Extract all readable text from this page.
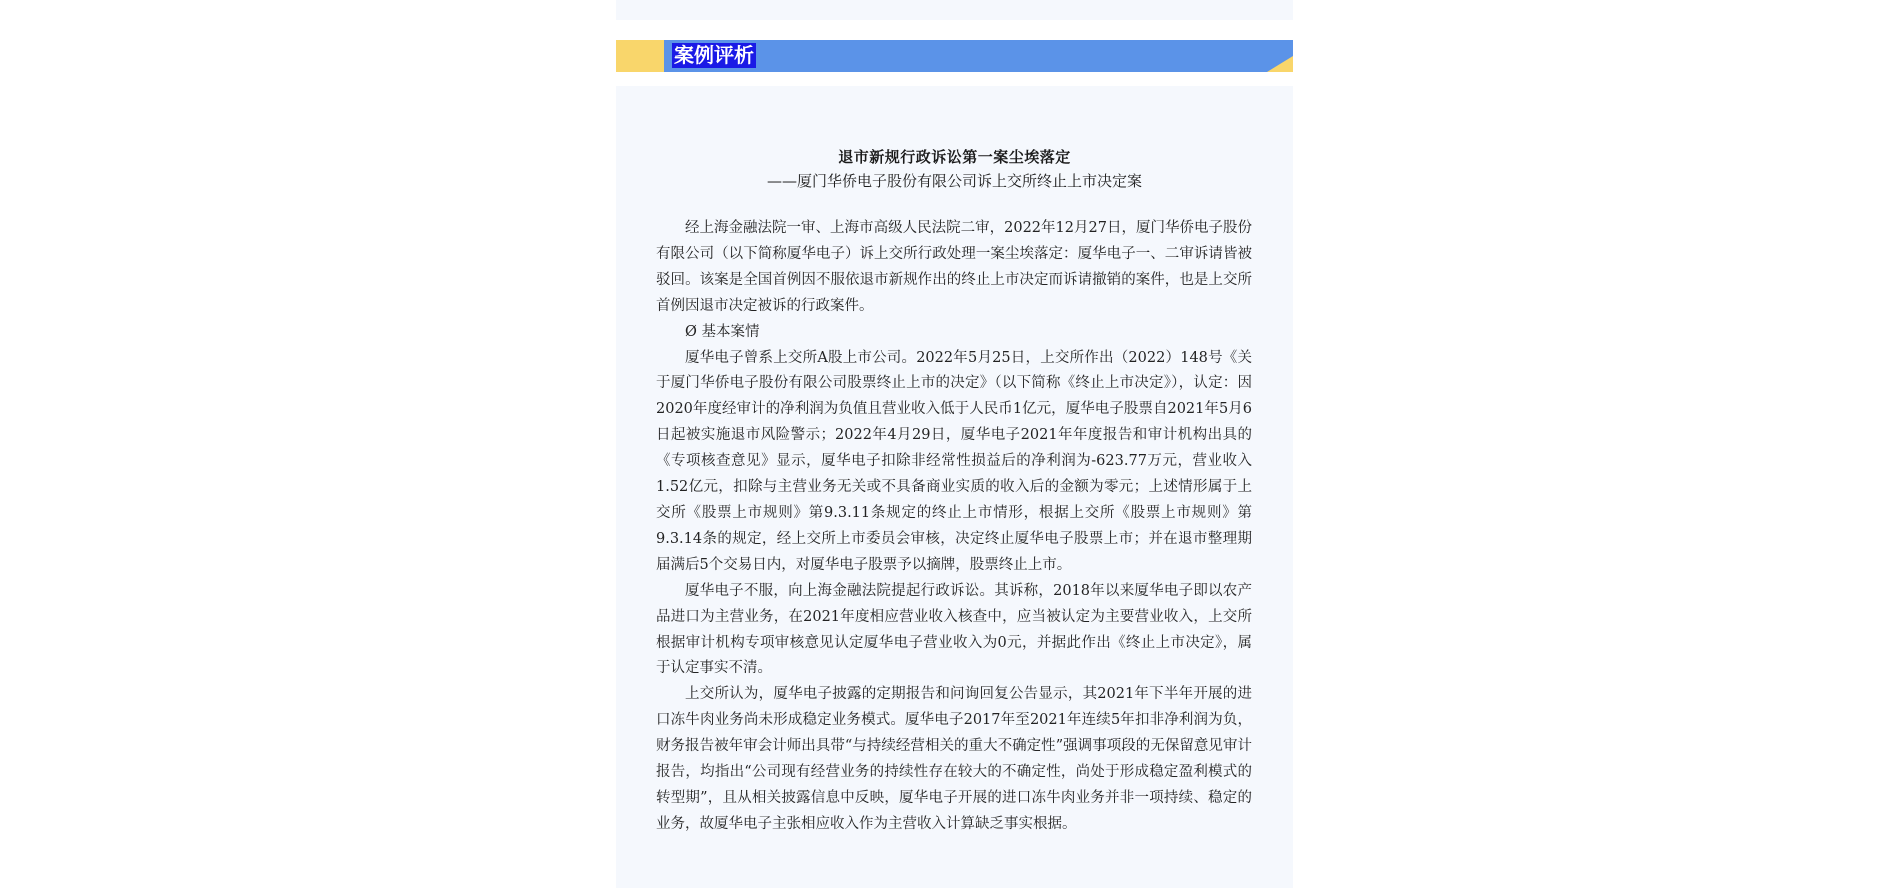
案例评析
退市新规行政诉讼第一案尘埃落定
——厦门华侨电子股份有限公司诉上交所终止上市决定案

经上海金融法院一审、上海市高级人民法院二审，2022年12月27日，厦门华侨电子股份有限公司（以下简称厦华电子）诉上交所行政处理一案尘埃落定：厦华电子一、二审诉请皆被驳回。该案是全国首例因不服依退市新规作出的终止上市决定而诉请撤销的案件，也是上交所首例因退市决定被诉的行政案件。

Ø 基本案情

厦华电子曾系上交所A股上市公司。2022年5月25日，上交所作出（2022）148号《关于厦门华侨电子股份有限公司股票终止上市的决定》（以下简称《终止上市决定》），认定：因2020年度经审计的净利润为负值且营业收入低于人民币1亿元，厦华电子股票自2021年5月6日起被实施退市风险警示；2022年4月29日，厦华电子2021年年度报告和审计机构出具的《专项核查意见》显示，厦华电子扣除非经常性损益后的净利润为-623.77万元，营业收入1.52亿元，扣除与主营业务无关或不具备商业实质的收入后的金额为零元；上述情形属于上交所《股票上市规则》第9.3.11条规定的终止上市情形，根据上交所《股票上市规则》第9.3.14条的规定，经上交所上市委员会审核，决定终止厦华电子股票上市；并在退市整理期届满后5个交易日内，对厦华电子股票予以摘牌，股票终止上市。

厦华电子不服，向上海金融法院提起行政诉讼。其诉称，2018年以来厦华电子即以农产品进口为主营业务，在2021年度相应营业收入核查中，应当被认定为主要营业收入，上交所根据审计机构专项审核意见认定厦华电子营业收入为0元，并据此作出《终止上市决定》，属于认定事实不清。

上交所认为，厦华电子披露的定期报告和问询回复公告显示，其2021年下半年开展的进口冻牛肉业务尚未形成稳定业务模式。厦华电子2017年至2021年连续5年扣非净利润为负，财务报告被年审会计师出具带“与持续经营相关的重大不确定性”强调事项段的无保留意见审计报告，均指出“公司现有经营业务的持续性存在较大的不确定性，尚处于形成稳定盈利模式的转型期”，且从相关披露信息中反映，厦华电子开展的进口冻牛肉业务并非一项持续、稳定的业务，故厦华电子主张相应收入作为主营收入计算缺乏事实根据。
